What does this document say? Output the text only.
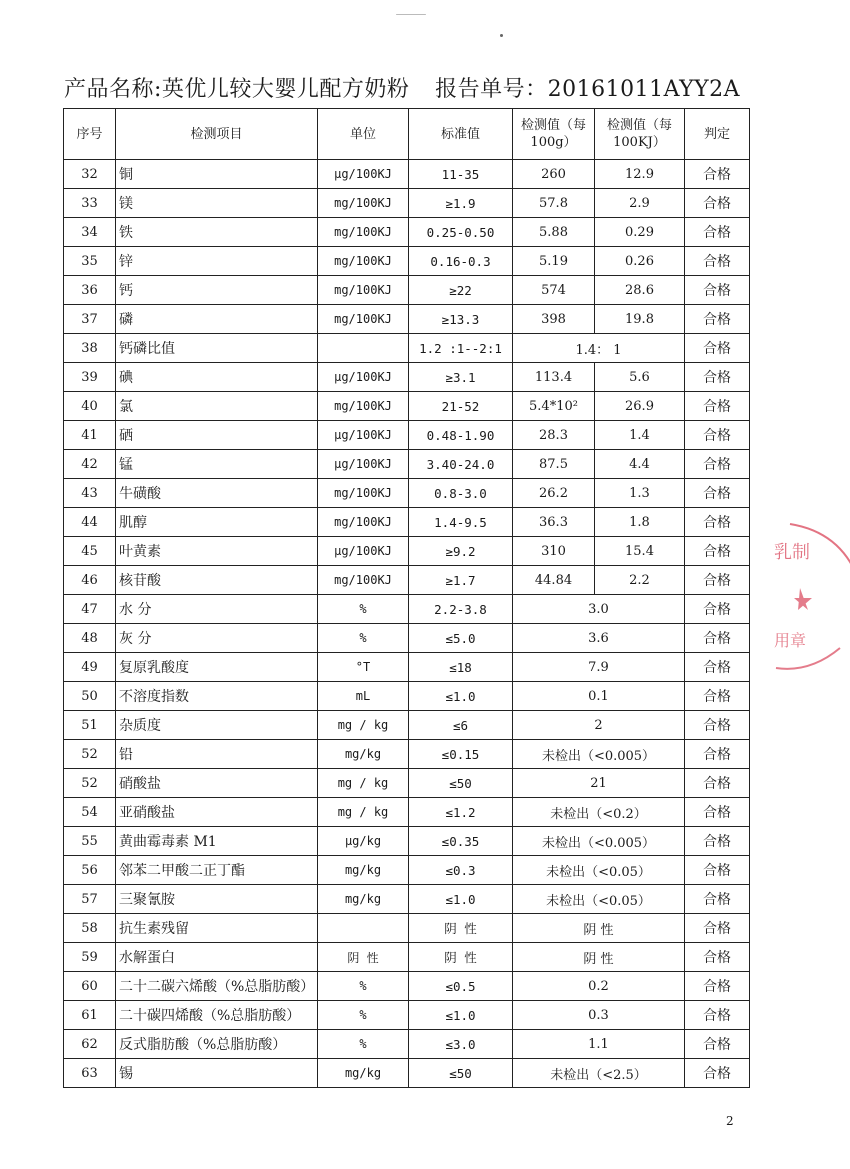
产品名称:英优儿较大婴儿配方奶粉 报告单号：20161011AYY2A
序号	检测项目	单位	标准值	检测值（每100g）	检测值（每100KJ）	判定
32	铜	μg/100KJ	11-35	260	12.9	合格
33	镁	mg/100KJ	≥1.9	57.8	2.9	合格
34	铁	mg/100KJ	0.25-0.50	5.88	0.29	合格
35	锌	mg/100KJ	0.16-0.3	5.19	0.26	合格
36	钙	mg/100KJ	≥22	574	28.6	合格
37	磷	mg/100KJ	≥13.3	398	19.8	合格
38	钙磷比值		1.2 :1--2:1	1.4： 1		合格
39	碘	μg/100KJ	≥3.1	113.4	5.6	合格
40	氯	mg/100KJ	21-52	5.4*10²	26.9	合格
41	硒	μg/100KJ	0.48-1.90	28.3	1.4	合格
42	锰	μg/100KJ	3.40-24.0	87.5	4.4	合格
43	牛磺酸	mg/100KJ	0.8-3.0	26.2	1.3	合格
44	肌醇	mg/100KJ	1.4-9.5	36.3	1.8	合格
45	叶黄素	μg/100KJ	≥9.2	310	15.4	合格
46	核苷酸	mg/100KJ	≥1.7	44.84	2.2	合格
47	水 分	%	2.2-3.8	3.0		合格
48	灰 分	%	≤5.0	3.6		合格
49	复原乳酸度	°T	≤18	7.9		合格
50	不溶度指数	mL	≤1.0	0.1		合格
51	杂质度	mg / kg	≤6	2		合格
52	铅	mg/kg	≤0.15	未检出（<0.005）		合格
52	硝酸盐	mg / kg	≤50	21		合格
54	亚硝酸盐	mg / kg	≤1.2	未检出（<0.2）		合格
55	黄曲霉毒素 M1	μg/kg	≤0.35	未检出（<0.005）		合格
56	邻苯二甲酸二正丁酯	mg/kg	≤0.3	未检出（<0.05）		合格
57	三聚氰胺	mg/kg	≤1.0	未检出（<0.05）		合格
58	抗生素残留		阴 性	阴 性		合格
59	水解蛋白	阴 性	阴 性	阴 性		合格
60	二十二碳六烯酸（%总脂肪酸）	%	≤0.5	0.2		合格
61	二十碳四烯酸（%总脂肪酸）	%	≤1.0	0.3		合格
62	反式脂肪酸（%总脂肪酸）	%	≤3.0	1.1		合格
63	锡	mg/kg	≤50	未检出（<2.5）		合格
2
乳制
用章
